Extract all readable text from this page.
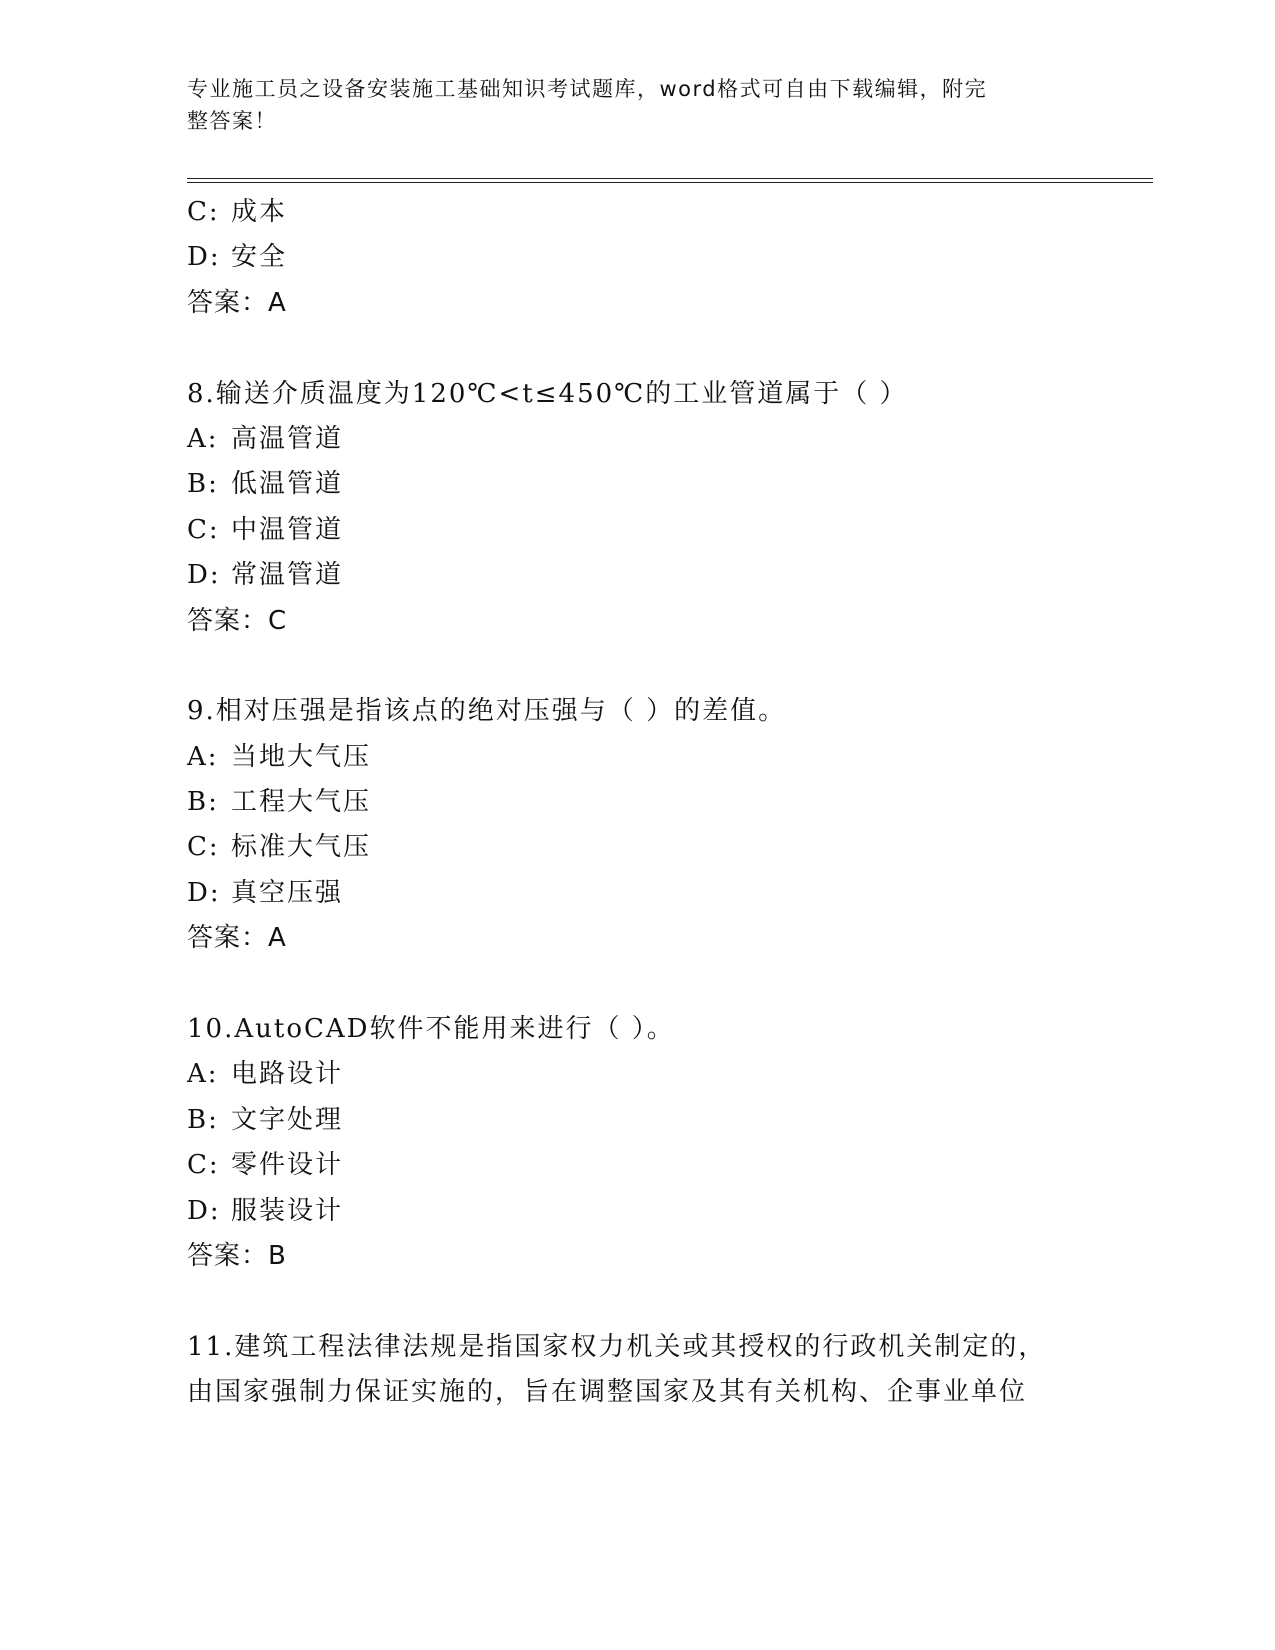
专业施工员之设备安装施工基础知识考试题库，word格式可自由下载编辑，附完
整答案！
C: 成本
D: 安全
答案：A
8.输送介质温度为120℃<t≤450℃的工业管道属于（ ）
A: 高温管道
B: 低温管道
C: 中温管道
D: 常温管道
答案：C
9.相对压强是指该点的绝对压强与（ ）的差值。
A: 当地大气压
B: 工程大气压
C: 标准大气压
D: 真空压强
答案：A
10.AutoCAD软件不能用来进行（ ）。
A: 电路设计
B: 文字处理
C: 零件设计
D: 服装设计
答案：B
11.建筑工程法律法规是指国家权力机关或其授权的行政机关制定的，
由国家强制力保证实施的，旨在调整国家及其有关机构、企事业单位
